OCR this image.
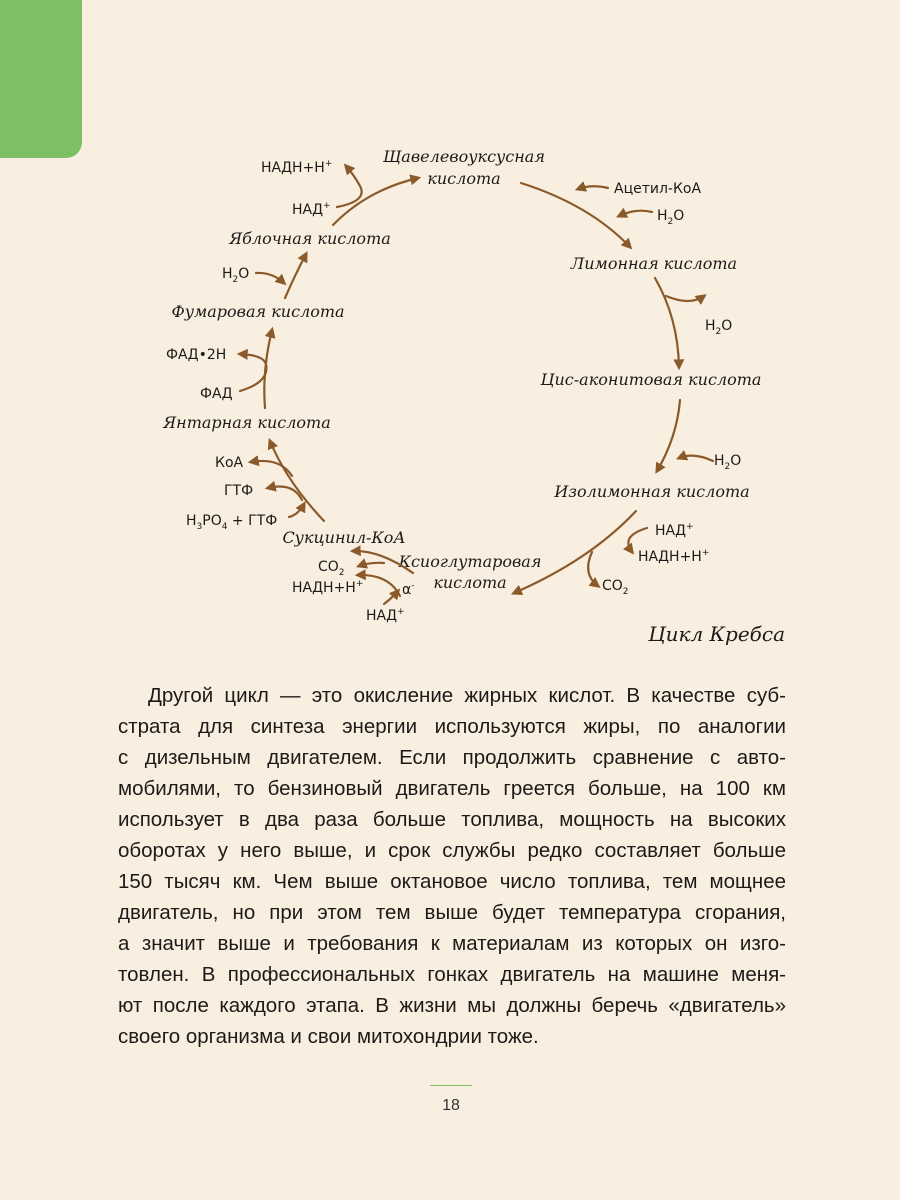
Щавелевоуксусная
кислота
Лимонная кислота
Цис-аконитовая кислота
Изолимонная кислота
Ксиоглутаровая
кислота
Сукцинил-КоА
Янтарная кислота
Фумаровая кислота
Яблочная кислота
Ацетил-КоА
$H_2O$
$H_2O$
$H_2O$
НАД+
НАДН+Н+
$CO_2$
$CO_2$
НАДН+Н+	α-
НАД+
КоА
ГТФ
$H_3PO_4$ + ГТФ
ФАД•2Н
ФАД
$H_2O$
НАД+
НАДН+Н+

Цикл Кребса

Другой цикл — это окисление жирных кислот. В качестве суб-
страта для синтеза энергии используются жиры, по аналогии
с дизельным двигателем. Если продолжить сравнение с авто-
мобилями, то бензиновый двигатель греется больше, на 100 км
использует в два раза больше топлива, мощность на высоких
оборотах у него выше, и срок службы редко составляет больше
150 тысяч км. Чем выше октановое число топлива, тем мощнее
двигатель, но при этом тем выше будет температура сгорания,
а значит выше и требования к материалам из которых он изго-
товлен. В профессиональных гонках двигатель на машине меня-
ют после каждого этапа. В жизни мы должны беречь «двигатель»
своего организма и свои митохондрии тоже.
18
